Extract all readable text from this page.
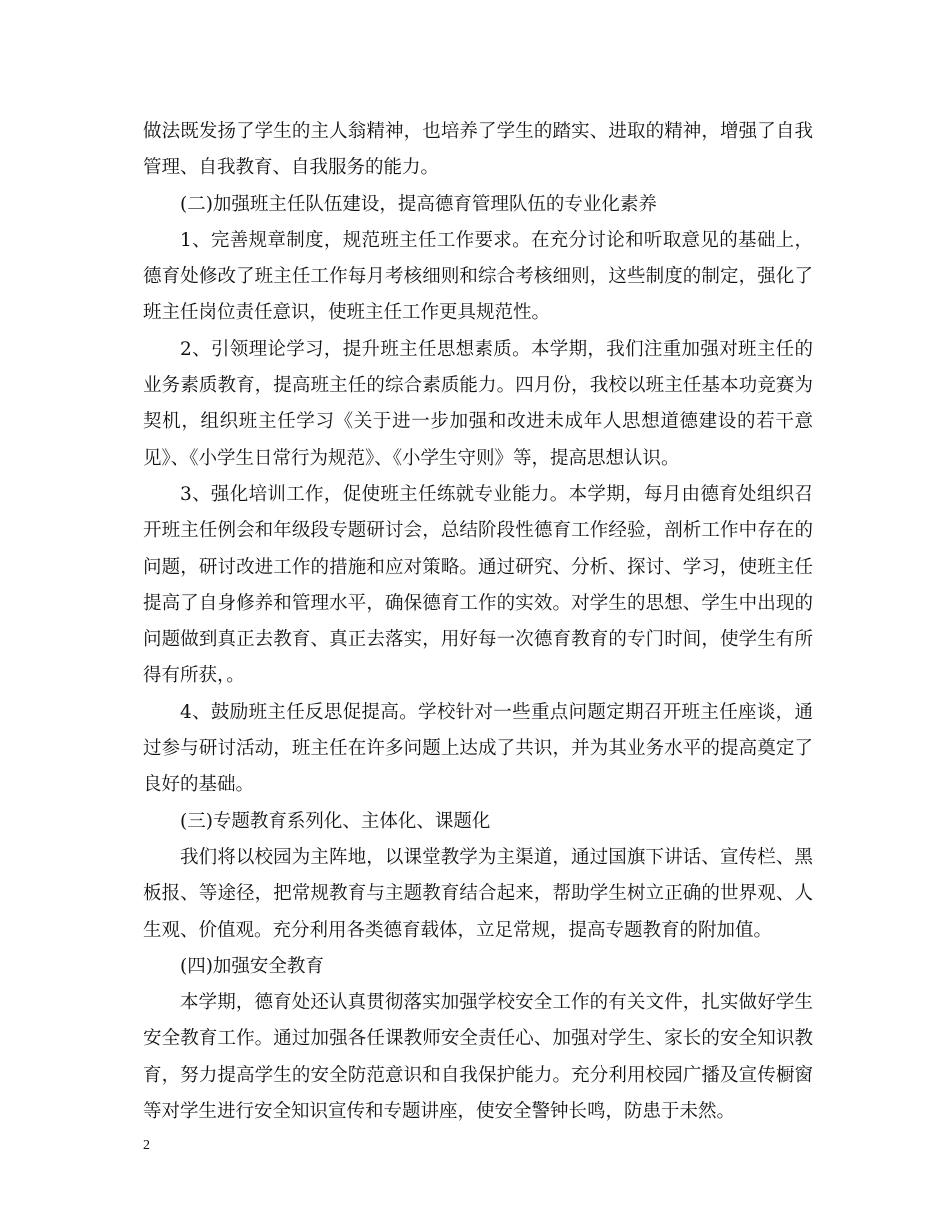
做法既发扬了学生的主人翁精神，也培养了学生的踏实、进取的精神，增强了自我管理、自我教育、自我服务的能力。

(二)加强班主任队伍建设，提高德育管理队伍的专业化素养

1、完善规章制度，规范班主任工作要求。在充分讨论和听取意见的基础上，德育处修改了班主任工作每月考核细则和综合考核细则，这些制度的制定，强化了班主任岗位责任意识，使班主任工作更具规范性。

2、引领理论学习，提升班主任思想素质。本学期，我们注重加强对班主任的业务素质教育，提高班主任的综合素质能力。四月份，我校以班主任基本功竞赛为契机，组织班主任学习《关于进一步加强和改进未成年人思想道德建设的若干意见》、《小学生日常行为规范》、《小学生守则》等，提高思想认识。

3、强化培训工作，促使班主任练就专业能力。本学期，每月由德育处组织召开班主任例会和年级段专题研讨会，总结阶段性德育工作经验，剖析工作中存在的问题，研讨改进工作的措施和应对策略。通过研究、分析、探讨、学习，使班主任提高了自身修养和管理水平，确保德育工作的实效。对学生的思想、学生中出现的问题做到真正去教育、真正去落实，用好每一次德育教育的专门时间，使学生有所得有所获，。

4、鼓励班主任反思促提高。学校针对一些重点问题定期召开班主任座谈，通过参与研讨活动，班主任在许多问题上达成了共识，并为其业务水平的提高奠定了良好的基础。

(三)专题教育系列化、主体化、课题化

我们将以校园为主阵地，以课堂教学为主渠道，通过国旗下讲话、宣传栏、黑板报、等途径，把常规教育与主题教育结合起来，帮助学生树立正确的世界观、人生观、价值观。充分利用各类德育载体，立足常规，提高专题教育的附加值。

(四)加强安全教育

本学期，德育处还认真贯彻落实加强学校安全工作的有关文件，扎实做好学生安全教育工作。通过加强各任课教师安全责任心、加强对学生、家长的安全知识教育，努力提高学生的安全防范意识和自我保护能力。充分利用校园广播及宣传橱窗等对学生进行安全知识宣传和专题讲座，使安全警钟长鸣，防患于未然。

2
